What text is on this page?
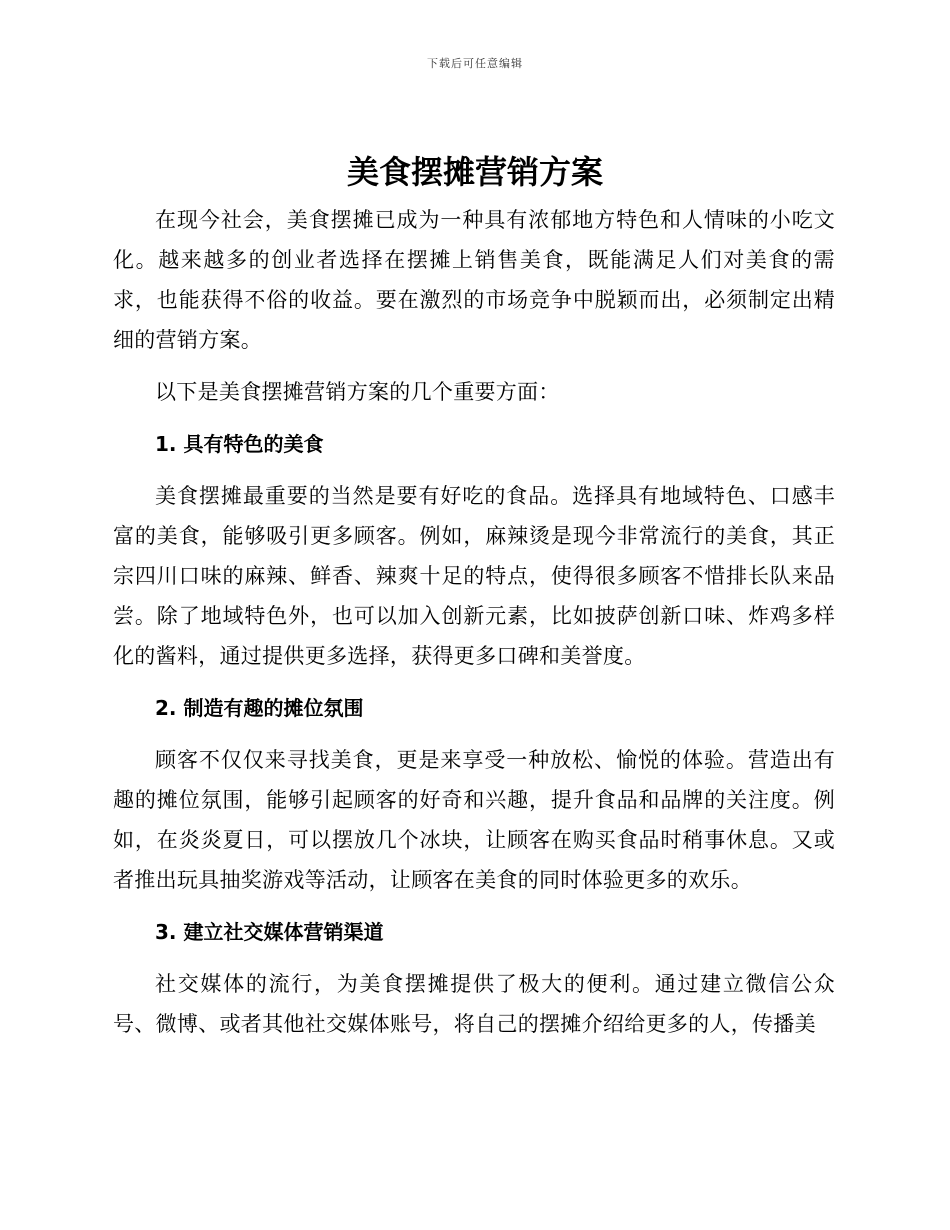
下载后可任意编辑
美食摆摊营销方案

在现今社会，美食摆摊已成为一种具有浓郁地方特色和人情味的小吃文化。越来越多的创业者选择在摆摊上销售美食，既能满足人们对美食的需求，也能获得不俗的收益。要在激烈的市场竞争中脱颖而出，必须制定出精细的营销方案。

以下是美食摆摊营销方案的几个重要方面：

1. 具有特色的美食

美食摆摊最重要的当然是要有好吃的食品。选择具有地域特色、口感丰富的美食，能够吸引更多顾客。例如，麻辣烫是现今非常流行的美食，其正宗四川口味的麻辣、鲜香、辣爽十足的特点，使得很多顾客不惜排长队来品尝。除了地域特色外，也可以加入创新元素，比如披萨创新口味、炸鸡多样化的酱料，通过提供更多选择，获得更多口碑和美誉度。

2. 制造有趣的摊位氛围

顾客不仅仅来寻找美食，更是来享受一种放松、愉悦的体验。营造出有趣的摊位氛围，能够引起顾客的好奇和兴趣，提升食品和品牌的关注度。例如，在炎炎夏日，可以摆放几个冰块，让顾客在购买食品时稍事休息。又或者推出玩具抽奖游戏等活动，让顾客在美食的同时体验更多的欢乐。

3. 建立社交媒体营销渠道

社交媒体的流行，为美食摆摊提供了极大的便利。通过建立微信公众号、微博、或者其他社交媒体账号，将自己的摆摊介绍给更多的人，传播美
